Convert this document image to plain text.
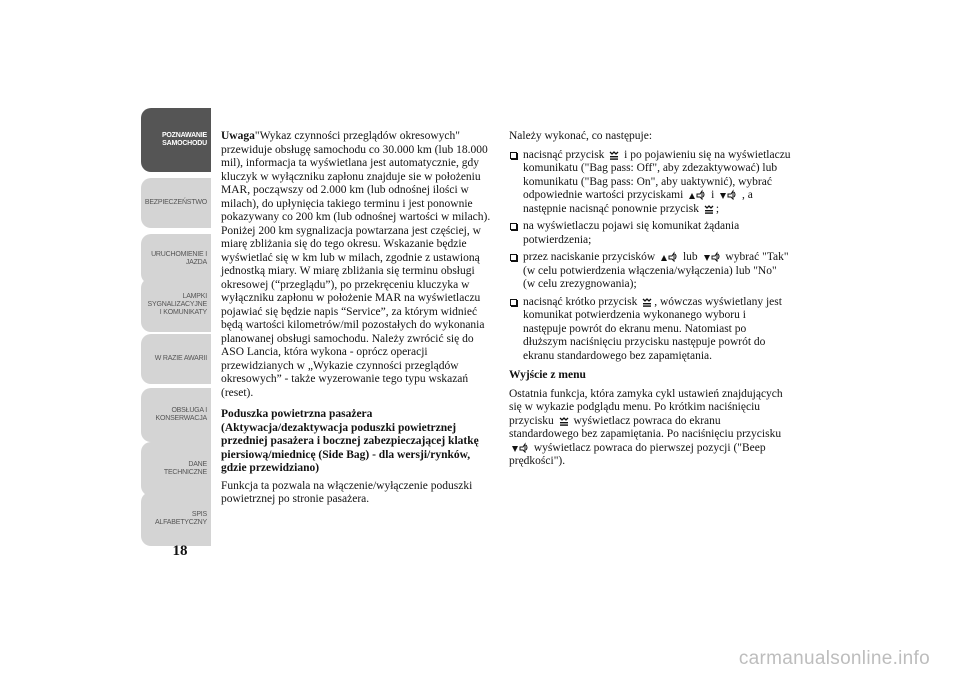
POZNAWANIE
SAMOCHODU
BEZPIECZEŃSTWO
URUCHOMIENIE I
JAZDA
LAMPKI
SYGNALIZACYJNE
I KOMUNIKATY
W RAZIE AWARII
OBSŁUGA I
KONSERWACJA
DANE
TECHNICZNE
SPIS
ALFABETYCZNY
18

Uwaga"Wykaz czynności przeglądów okresowych" przewiduje obsługę samochodu co 30.000 km (lub 18.000 mil), informacja ta wyświetlana jest automatycznie, gdy kluczyk w wyłączniku zapłonu znajduje sie w położeniu MAR, począwszy od 2.000 km (lub odnośnej ilości w milach), do upłynięcia takiego terminu i jest ponownie pokazywany co 200 km (lub odnośnej wartości w milach). Poniżej 200 km sygnalizacja powtarzana jest częściej, w miarę zbliżania się do tego okresu. Wskazanie będzie wyświetlać się w km lub w milach, zgodnie z ustawioną jednostką miary. W miarę zbliżania się terminu obsługi okresowej (“przeglądu”), po przekręceniu kluczyka w wyłączniku zapłonu w położenie MAR na wyświetlaczu pojawiać się będzie napis “Service”, za którym widnieć będą wartości kilometrów/mil pozostałych do wykonania planowanej obsługi samochodu. Należy zwrócić się do ASO Lancia, która wykona - oprócz operacji przewidzianych w „Wykazie czynności przeglądów okresowych” - także wyzerowanie tego typu wskazań (reset).

Poduszka powietrzna pasażera (Aktywacja/dezaktywacja poduszki powietrznej przedniej pasażera i bocznej zabezpieczającej klatkę piersiową/miednicę (Side Bag) - dla wersji/rynków, gdzie przewidziano)

Funkcja ta pozwala na włączenie/wyłączenie poduszki powietrznej po stronie pasażera.

Należy wykonać, co następuje:

nacisnąć przycisk i po pojawieniu się na wyświetlaczu komunikatu ("Bag pass: Off", aby zdezaktywować) lub komunikatu ("Bag pass: On", aby uaktywnić), wybrać odpowiednie wartości przyciskami i , a następnie nacisnąć ponownie przycisk ;
na wyświetlaczu pojawi się komunikat żądania potwierdzenia;
przez naciskanie przycisków lub wybrać "Tak" (w celu potwierdzenia włączenia/wyłączenia) lub "No" (w celu zrezygnowania);
nacisnąć krótko przycisk , wówczas wyświetlany jest komunikat potwierdzenia wykonanego wyboru i następuje powrót do ekranu menu. Natomiast po dłuższym naciśnięciu przycisku następuje powrót do ekranu standardowego bez zapamiętania.

Wyjście z menu

Ostatnia funkcja, która zamyka cykl ustawień znajdujących się w wykazie podglądu menu. Po krótkim naciśnięciu przycisku wyświetlacz powraca do ekranu standardowego bez zapamiętania. Po naciśnięciu przycisku wyświetlacz powraca do pierwszej pozycji ("Beep prędkości").

carmanualsonline.info
